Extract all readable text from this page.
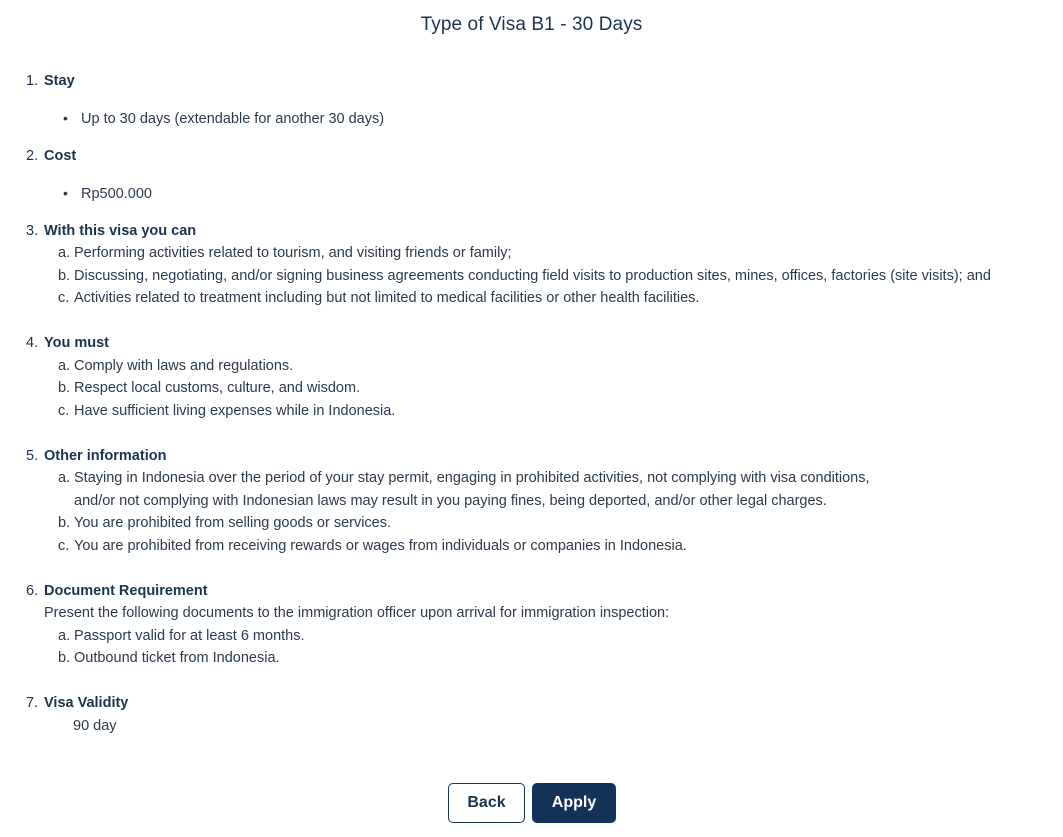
Type of Visa B1 - 30 Days
1. Stay
• Up to 30 days (extendable for another 30 days)
2. Cost
• Rp500.000
3. With this visa you can
a. Performing activities related to tourism, and visiting friends or family;
b. Discussing, negotiating, and/or signing business agreements conducting field visits to production sites, mines, offices, factories (site visits); and
c. Activities related to treatment including but not limited to medical facilities or other health facilities.
4. You must
a. Comply with laws and regulations.
b. Respect local customs, culture, and wisdom.
c. Have sufficient living expenses while in Indonesia.
5. Other information
a. Staying in Indonesia over the period of your stay permit, engaging in prohibited activities, not complying with visa conditions,
and/or not complying with Indonesian laws may result in you paying fines, being deported, and/or other legal charges.
b. You are prohibited from selling goods or services.
c. You are prohibited from receiving rewards or wages from individuals or companies in Indonesia.
6. Document Requirement
Present the following documents to the immigration officer upon arrival for immigration inspection:
a. Passport valid for at least 6 months.
b. Outbound ticket from Indonesia.
7. Visa Validity
90 day
Back	Apply
